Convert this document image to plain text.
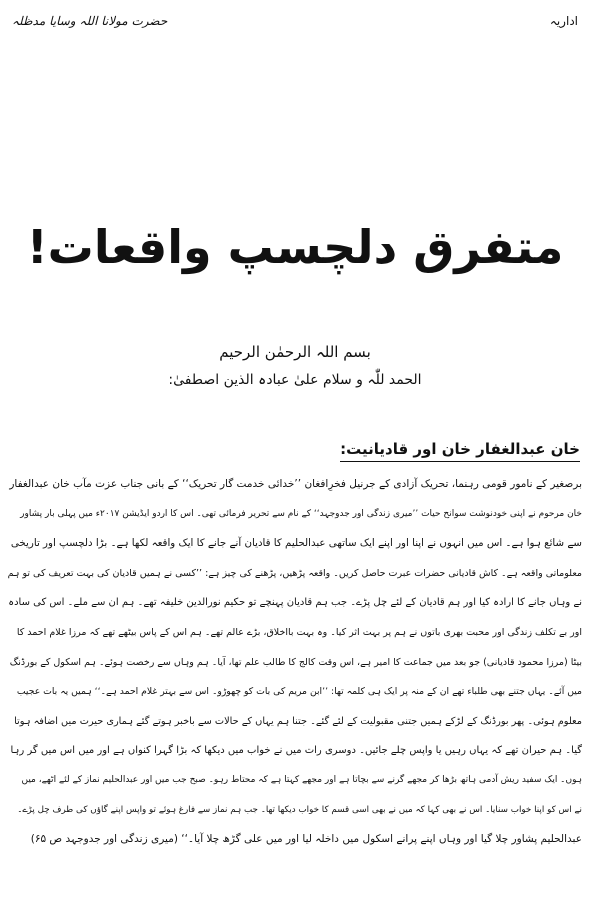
اداریہ
حضرت مولانا اللہ وسایا مدظلہ
متفرق دلچسپ واقعات!
بسم اللہ الرحمٰن الرحیم
الحمد للّٰہ و سلام علیٰ عبادہ الذین اصطفیٰ:
خان عبدالغفار خان اور قادیانیت:
برصغیر کے نامور قومی رہنما، تحریک آزادی کے جرنیل فخرِافغان ’’خدائی خدمت گار تحریک‘‘ کے بانی جناب عزت مآب خان عبدالغفار
خان مرحوم نے اپنی خودنوشت سوانح حیات ’’میری زندگی اور جدوجہد‘‘ کے نام سے تحریر فرمائی تھی۔ اس کا اردو ایڈیشن ۲۰۱۷ء میں پہلی بار پشاور
سے شائع ہوا ہے۔ اس میں انہوں نے اپنا اور اپنے ایک ساتھی عبدالحلیم کا قادیان آنے جانے کا ایک واقعہ لکھا ہے۔ بڑا دلچسپ اور تاریخی
معلوماتی واقعہ ہے۔ کاش قادیانی حضرات عبرت حاصل کریں۔ واقعہ پڑھیں، پڑھنے کی چیز ہے: ’’کسی نے ہمیں قادیان کی بہت تعریف کی تو ہم
نے وہاں جانے کا ارادہ کیا اور ہم قادیان کے لئے چل پڑے۔ جب ہم قادیان پہنچے تو حکیم نورالدین خلیفہ تھے۔ ہم ان سے ملے۔ اس کی سادہ
اور بے تکلف زندگی اور محبت بھری باتوں نے ہم پر بہت اثر کیا۔ وہ بہت بااخلاق، بڑے عالم تھے۔ ہم اس کے پاس بیٹھے تھے کہ مرزا غلام احمد کا
بیٹا (مرزا محمود قادیانی) جو بعد میں جماعت کا امیر ہے، اس وقت کالج کا طالب علم تھا، آیا۔ ہم وہاں سے رخصت ہوئے۔ ہم اسکول کے بورڈنگ
میں آئے۔ یہاں جتنے بھی طلباء تھے ان کے منہ پر ایک ہی کلمہ تھا: ’’ابن مریم کی بات کو چھوڑو۔ اس سے بہتر غلام احمد ہے۔‘‘ ہمیں یہ بات عجیب
معلوم ہوئی۔ پھر بورڈنگ کے لڑکے ہمیں جتنی مقبولیت کے لئے گئے۔ جتنا ہم یہاں کے حالات سے باخبر ہوتے گئے ہماری حیرت میں اضافہ ہوتا
گیا۔ ہم حیران تھے کہ یہاں رہیں یا واپس چلے جائیں۔ دوسری رات میں نے خواب میں دیکھا کہ بڑا گہرا کنواں ہے اور میں اس میں گر رہا
ہوں۔ ایک سفید ریش آدمی ہاتھ بڑھا کر مجھے گرنے سے بچاتا ہے اور مجھے کہتا ہے کہ محتاط رہو۔ صبح جب میں اور عبدالحلیم نماز کے لئے اٹھے، میں
نے اس کو اپنا خواب سنایا۔ اس نے بھی کہا کہ میں نے بھی اسی قسم کا خواب دیکھا تھا۔ جب ہم نماز سے فارغ ہوئے تو واپس اپنے گاؤں کی طرف چل پڑے۔
عبدالحلیم پشاور چلا گیا اور وہاں اپنے پرانے اسکول میں داخلہ لیا اور میں علی گڑھ چلا آیا۔‘‘ (میری زندگی اور جدوجہد ص ۶۵)
